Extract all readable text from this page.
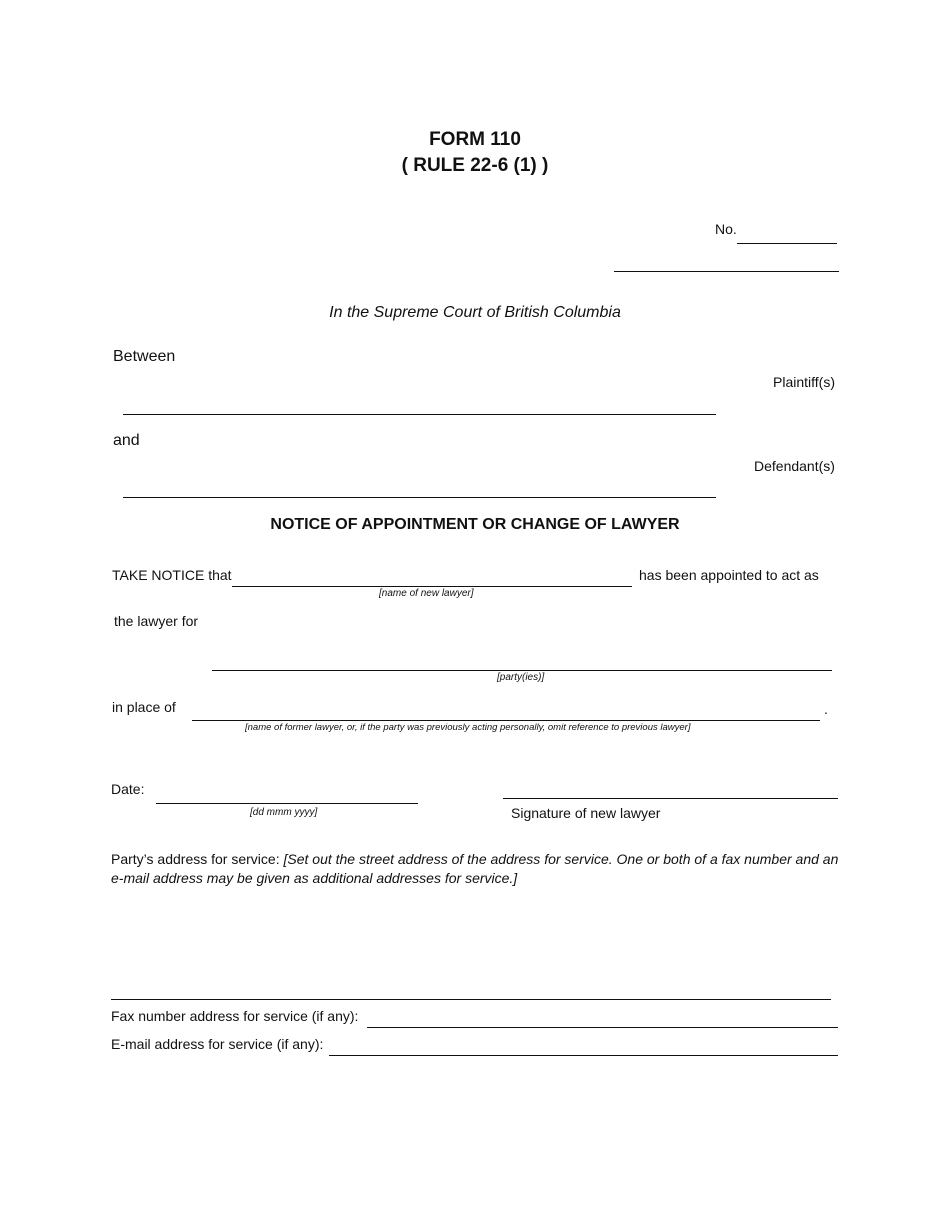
FORM 110
( RULE 22-6 (1) )
No.
In the Supreme Court of British Columbia
Between
Plaintiff(s)
and
Defendant(s)
NOTICE OF APPOINTMENT OR CHANGE OF LAWYER
TAKE NOTICE that
[name of new lawyer]
has been appointed to act as
the lawyer for
[party(ies)]
in place of	.
[name of former lawyer, or, if the party was previously acting personally, omit reference to previous lawyer]
Date:
[dd mmm yyyy]	Signature of new lawyer
Party’s address for service: [Set out the street address of the address for service. One or both of a fax number and an e-mail address may be given as additional addresses for service.]
Fax number address for service (if any):
E-mail address for service (if any):
